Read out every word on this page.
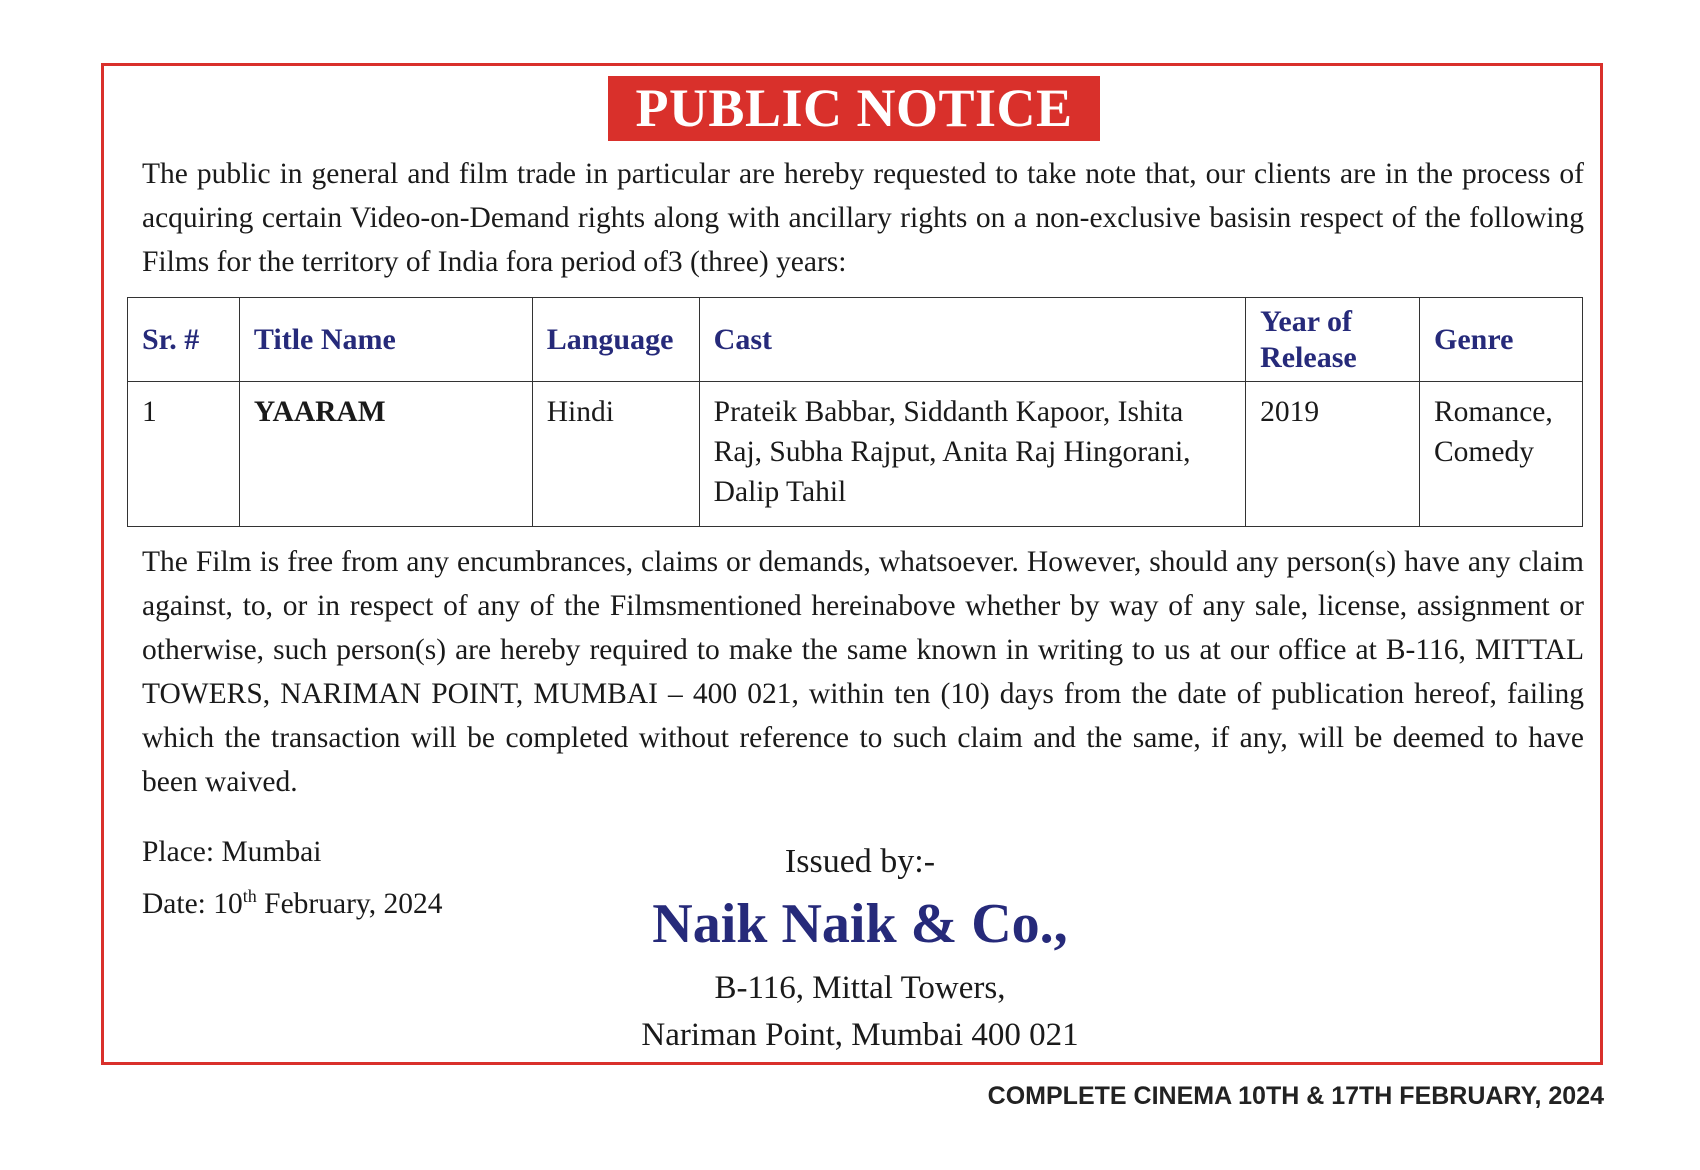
PUBLIC NOTICE
The public in general and film trade in particular are hereby requested to take note that, our clients are in the process of acquiring certain Video-on-Demand rights along with ancillary rights on a non-exclusive basisin respect of the following Films for the territory of India fora period of3 (three) years:
Sr. #	Title Name	Language	Cast	Year of Release	Genre
1	YAARAM	Hindi	Prateik Babbar, Siddanth Kapoor, Ishita Raj, Subha Rajput, Anita Raj Hingorani, Dalip Tahil	2019	Romance, Comedy
The Film is free from any encumbrances, claims or demands, whatsoever. However, should any person(s) have any claim against, to, or in respect of any of the Filmsmentioned hereinabove whether by way of any sale, license, assignment or otherwise, such person(s) are hereby required to make the same known in writing to us at our office at B-116, MITTAL TOWERS, NARIMAN POINT, MUMBAI – 400 021, within ten (10) days from the date of publication hereof, failing which the transaction will be completed without reference to such claim and the same, if any, will be deemed to have been waived.
Place: Mumbai
Date: 10th February, 2024
Issued by:-
Naik Naik & Co.,
B-116, Mittal Towers,
Nariman Point, Mumbai 400 021
COMPLETE CINEMA 10TH & 17TH FEBRUARY, 2024
